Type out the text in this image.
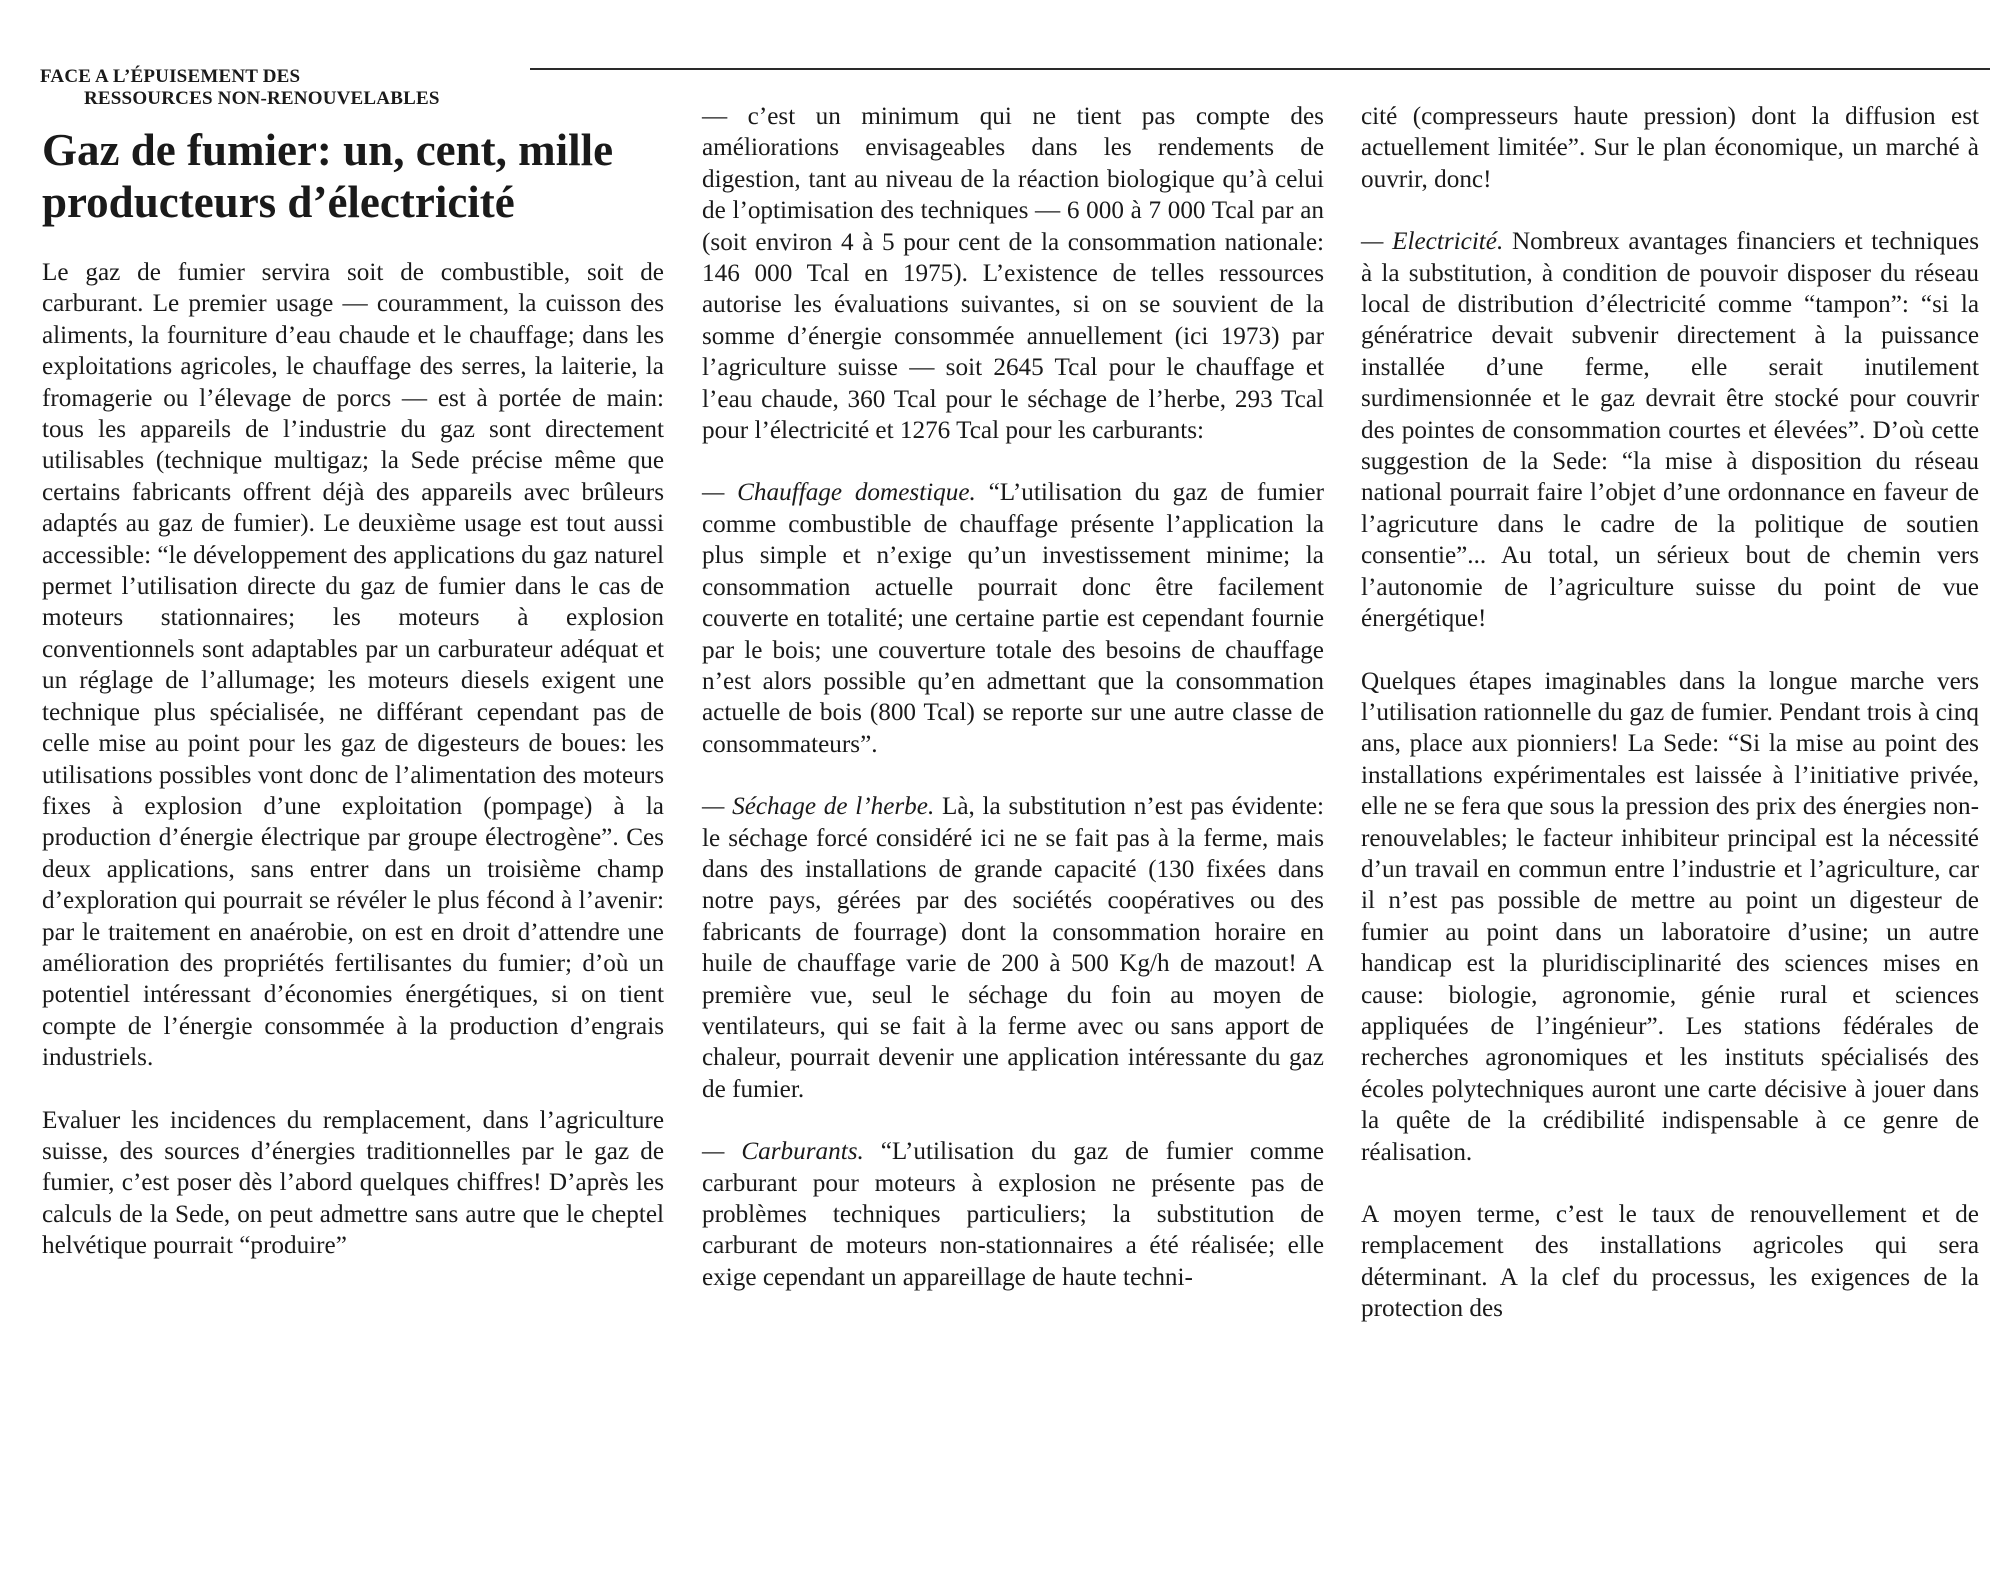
FACE A L’ÉPUISEMENT DES
RESSOURCES NON-RENOUVELABLES
Gaz de fumier: un, cent, mille
producteurs d’électricité

Le gaz de fumier servira soit de combustible, soit de carburant. Le premier usage — couramment, la cuisson des aliments, la fourniture d’eau chaude et le chauffage; dans les exploitations agricoles, le chauffage des serres, la laiterie, la fromagerie ou l’élevage de porcs — est à portée de main: tous les appareils de l’industrie du gaz sont directement utilisables (technique multigaz; la Sede précise même que certains fabricants offrent déjà des appareils avec brûleurs adaptés au gaz de fumier). Le deuxième usage est tout aussi accessible: “le développement des applications du gaz naturel permet l’utilisation directe du gaz de fumier dans le cas de moteurs stationnaires; les moteurs à explosion conventionnels sont adaptables par un carburateur adéquat et un réglage de l’allumage; les moteurs diesels exigent une technique plus spécialisée, ne différant cependant pas de celle mise au point pour les gaz de digesteurs de boues: les utilisations possibles vont donc de l’alimentation des moteurs fixes à explosion d’une exploitation (pompage) à la production d’énergie électrique par groupe électrogène”. Ces deux applications, sans entrer dans un troisième champ d’exploration qui pourrait se révéler le plus fécond à l’avenir: par le traitement en anaérobie, on est en droit d’attendre une amélioration des propriétés fertilisantes du fumier; d’où un potentiel intéressant d’économies énergétiques, si on tient compte de l’énergie consommée à la production d’engrais industriels.

Evaluer les incidences du remplacement, dans l’agriculture suisse, des sources d’énergies traditionnelles par le gaz de fumier, c’est poser dès l’abord quelques chiffres! D’après les calculs de la Sede, on peut admettre sans autre que le cheptel helvétique pourrait “produire”

— c’est un minimum qui ne tient pas compte des améliorations envisageables dans les rendements de digestion, tant au niveau de la réaction biologique qu’à celui de l’optimisation des techniques — 6 000 à 7 000 Tcal par an (soit environ 4 à 5 pour cent de la consommation nationale: 146 000 Tcal en 1975). L’existence de telles ressources autorise les évaluations suivantes, si on se souvient de la somme d’énergie consommée annuellement (ici 1973) par l’agriculture suisse — soit 2645 Tcal pour le chauffage et l’eau chaude, 360 Tcal pour le séchage de l’herbe, 293 Tcal pour l’électricité et 1276 Tcal pour les carburants:

— Chauffage domestique. “L’utilisation du gaz de fumier comme combustible de chauffage présente l’application la plus simple et n’exige qu’un investissement minime; la consommation actuelle pourrait donc être facilement couverte en totalité; une certaine partie est cependant fournie par le bois; une couverture totale des besoins de chauffage n’est alors possible qu’en admettant que la consommation actuelle de bois (800 Tcal) se reporte sur une autre classe de consommateurs”.

— Séchage de l’herbe. Là, la substitution n’est pas évidente: le séchage forcé considéré ici ne se fait pas à la ferme, mais dans des installations de grande capacité (130 fixées dans notre pays, gérées par des sociétés coopératives ou des fabricants de fourrage) dont la consommation horaire en huile de chauffage varie de 200 à 500 Kg/h de mazout! A première vue, seul le séchage du foin au moyen de ventilateurs, qui se fait à la ferme avec ou sans apport de chaleur, pourrait devenir une application intéressante du gaz de fumier.

— Carburants. “L’utilisation du gaz de fumier comme carburant pour moteurs à explosion ne présente pas de problèmes techniques particuliers; la substitution de carburant de moteurs non-stationnaires a été réalisée; elle exige cependant un appareillage de haute techni-

cité (compresseurs haute pression) dont la diffusion est actuellement limitée”. Sur le plan économique, un marché à ouvrir, donc!

— Electricité. Nombreux avantages financiers et techniques à la substitution, à condition de pouvoir disposer du réseau local de distribution d’électricité comme “tampon”: “si la génératrice devait subvenir directement à la puissance installée d’une ferme, elle serait inutilement surdimensionnée et le gaz devrait être stocké pour couvrir des pointes de consommation courtes et élevées”. D’où cette suggestion de la Sede: “la mise à disposition du réseau national pourrait faire l’objet d’une ordonnance en faveur de l’agricuture dans le cadre de la politique de soutien consentie”... Au total, un sérieux bout de chemin vers l’autonomie de l’agriculture suisse du point de vue énergétique!

Quelques étapes imaginables dans la longue marche vers l’utilisation rationnelle du gaz de fumier. Pendant trois à cinq ans, place aux pionniers! La Sede: “Si la mise au point des installations expérimentales est laissée à l’initiative privée, elle ne se fera que sous la pression des prix des énergies non-renouvelables; le facteur inhibiteur principal est la nécessité d’un travail en commun entre l’industrie et l’agriculture, car il n’est pas possible de mettre au point un digesteur de fumier au point dans un laboratoire d’usine; un autre handicap est la pluridisciplinarité des sciences mises en cause: biologie, agronomie, génie rural et sciences appliquées de l’ingénieur”. Les stations fédérales de recherches agronomiques et les instituts spécialisés des écoles polytechniques auront une carte décisive à jouer dans la quête de la crédibilité indispensable à ce genre de réalisation.

A moyen terme, c’est le taux de renouvellement et de remplacement des installations agricoles qui sera déterminant. A la clef du processus, les exigences de la protection des
